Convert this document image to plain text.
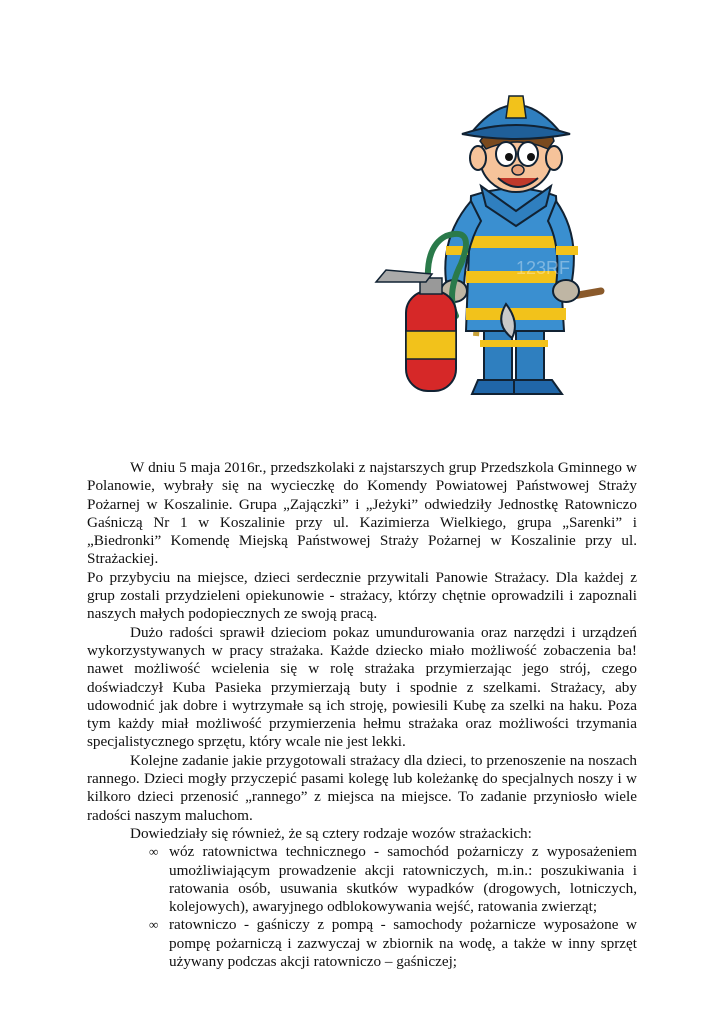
123RF

W dniu 5 maja 2016r., przedszkolaki z najstarszych grup Przedszkola Gminnego w Polanowie, wybrały się na wycieczkę do Komendy Powiatowej Państwowej Straży Pożarnej w Koszalinie. Grupa „Zajączki” i „Jeżyki” odwiedziły Jednostkę Ratowniczo Gaśniczą Nr 1 w Koszalinie przy ul. Kazimierza Wielkiego, grupa „Sarenki” i „Biedronki” Komendę Miejską Państwowej Straży Pożarnej w Koszalinie przy ul. Strażackiej.

Po przybyciu na miejsce, dzieci serdecznie przywitali Panowie Strażacy. Dla każdej z grup zostali przydzieleni opiekunowie - strażacy, którzy chętnie oprowadzili i zapoznali naszych małych podopiecznych ze swoją pracą.

Dużo radości sprawił dzieciom pokaz umundurowania oraz narzędzi i urządzeń wykorzystywanych w pracy strażaka. Każde dziecko miało możliwość zobaczenia ba! nawet możliwość wcielenia się w rolę strażaka przymierzając jego strój, czego doświadczył Kuba Pasieka przymierzają buty i spodnie z szelkami. Strażacy, aby udowodnić jak dobre i wytrzymałe są ich stroję, powiesili Kubę za szelki na haku. Poza tym każdy miał możliwość przymierzenia hełmu strażaka oraz możliwości trzymania specjalistycznego sprzętu, który wcale nie jest lekki.

Kolejne zadanie jakie przygotowali strażacy dla dzieci, to przenoszenie na noszach rannego. Dzieci mogły przyczepić pasami kolegę lub koleżankę do specjalnych noszy i w kilkoro dzieci przenosić „rannego” z miejsca na miejsce. To zadanie przyniosło wiele radości naszym maluchom.

Dowiedziały się również, że są cztery rodzaje wozów strażackich:

∞ wóz ratownictwa technicznego - samochód pożarniczy z wyposażeniem umożliwiającym prowadzenie akcji ratowniczych, m.in.: poszukiwania i ratowania osób, usuwania skutków wypadków (drogowych, lotniczych, kolejowych), awaryjnego odblokowywania wejść, ratowania zwierząt;
∞ ratowniczo - gaśniczy z pompą - samochody pożarnicze wyposażone w pompę pożarniczą i zazwyczaj w zbiornik na wodę, a także w inny sprzęt używany podczas akcji ratowniczo – gaśniczej;
